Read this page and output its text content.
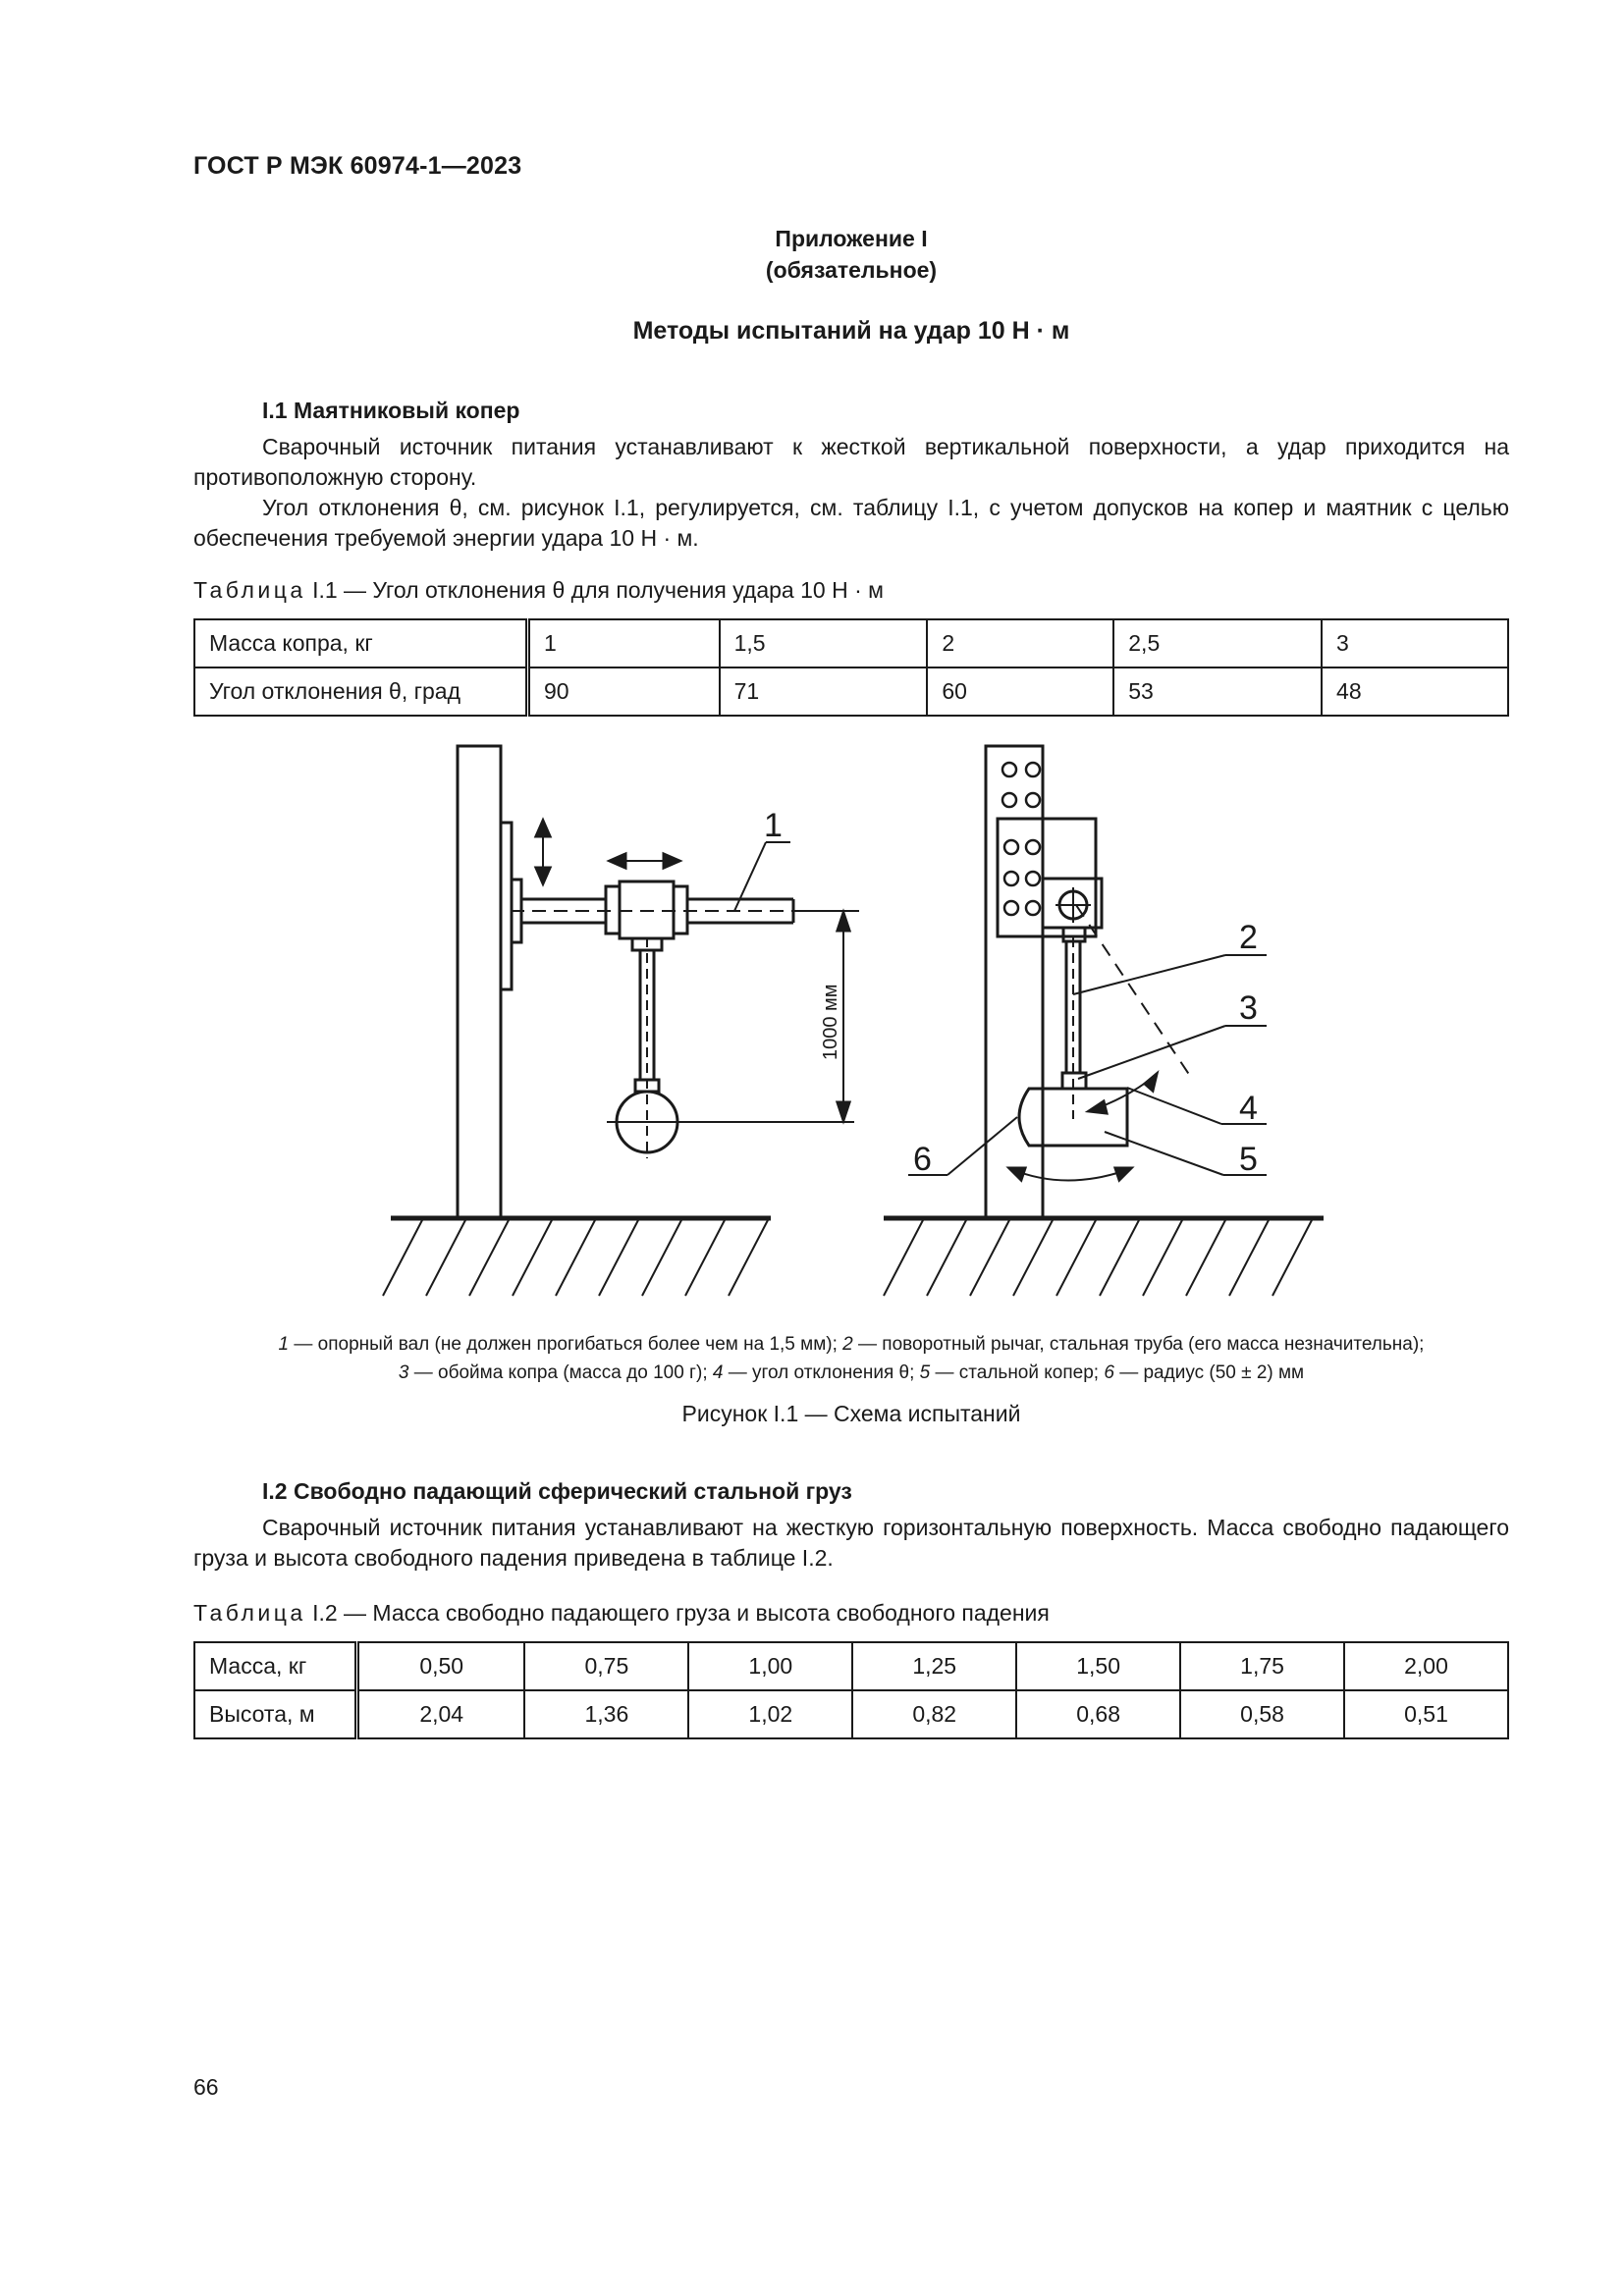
ГОСТ Р МЭК 60974-1—2023
Приложение I
(обязательное)
Методы испытаний на удар 10 Н · м
I.1 Маятниковый копер

Сварочный источник питания устанавливают к жесткой вертикальной поверхности, а удар приходится на противоположную сторону.

Угол отклонения θ, см. рисунок I.1, регулируется, см. таблицу I.1, с учетом допусков на копер и маятник с целью обеспечения требуемой энергии удара 10 Н · м.

Таблица I.1 — Угол отклонения θ для получения удара 10 Н · м
Масса копра, кг	1	1,5	2	2,5	3
Угол отклонения θ, град	90	71	60	53	48
1
2
3
4
5
6
1000 мм
1 — опорный вал (не должен прогибаться более чем на 1,5 мм); 2 — поворотный рычаг, стальная труба (его масса незначительна);
3 — обойма копра (масса до 100 г); 4 — угол отклонения θ; 5 — стальной копер; 6 — радиус (50 ± 2) мм
Рисунок I.1 — Схема испытаний
I.2 Свободно падающий сферический стальной груз

Сварочный источник питания устанавливают на жесткую горизонтальную поверхность. Масса свободно падающего груза и высота свободного падения приведена в таблице I.2.

Таблица I.2 — Масса свободно падающего груза и высота свободного падения
Масса, кг	0,50	0,75	1,00	1,25	1,50	1,75	2,00
Высота, м	2,04	1,36	1,02	0,82	0,68	0,58	0,51
66
